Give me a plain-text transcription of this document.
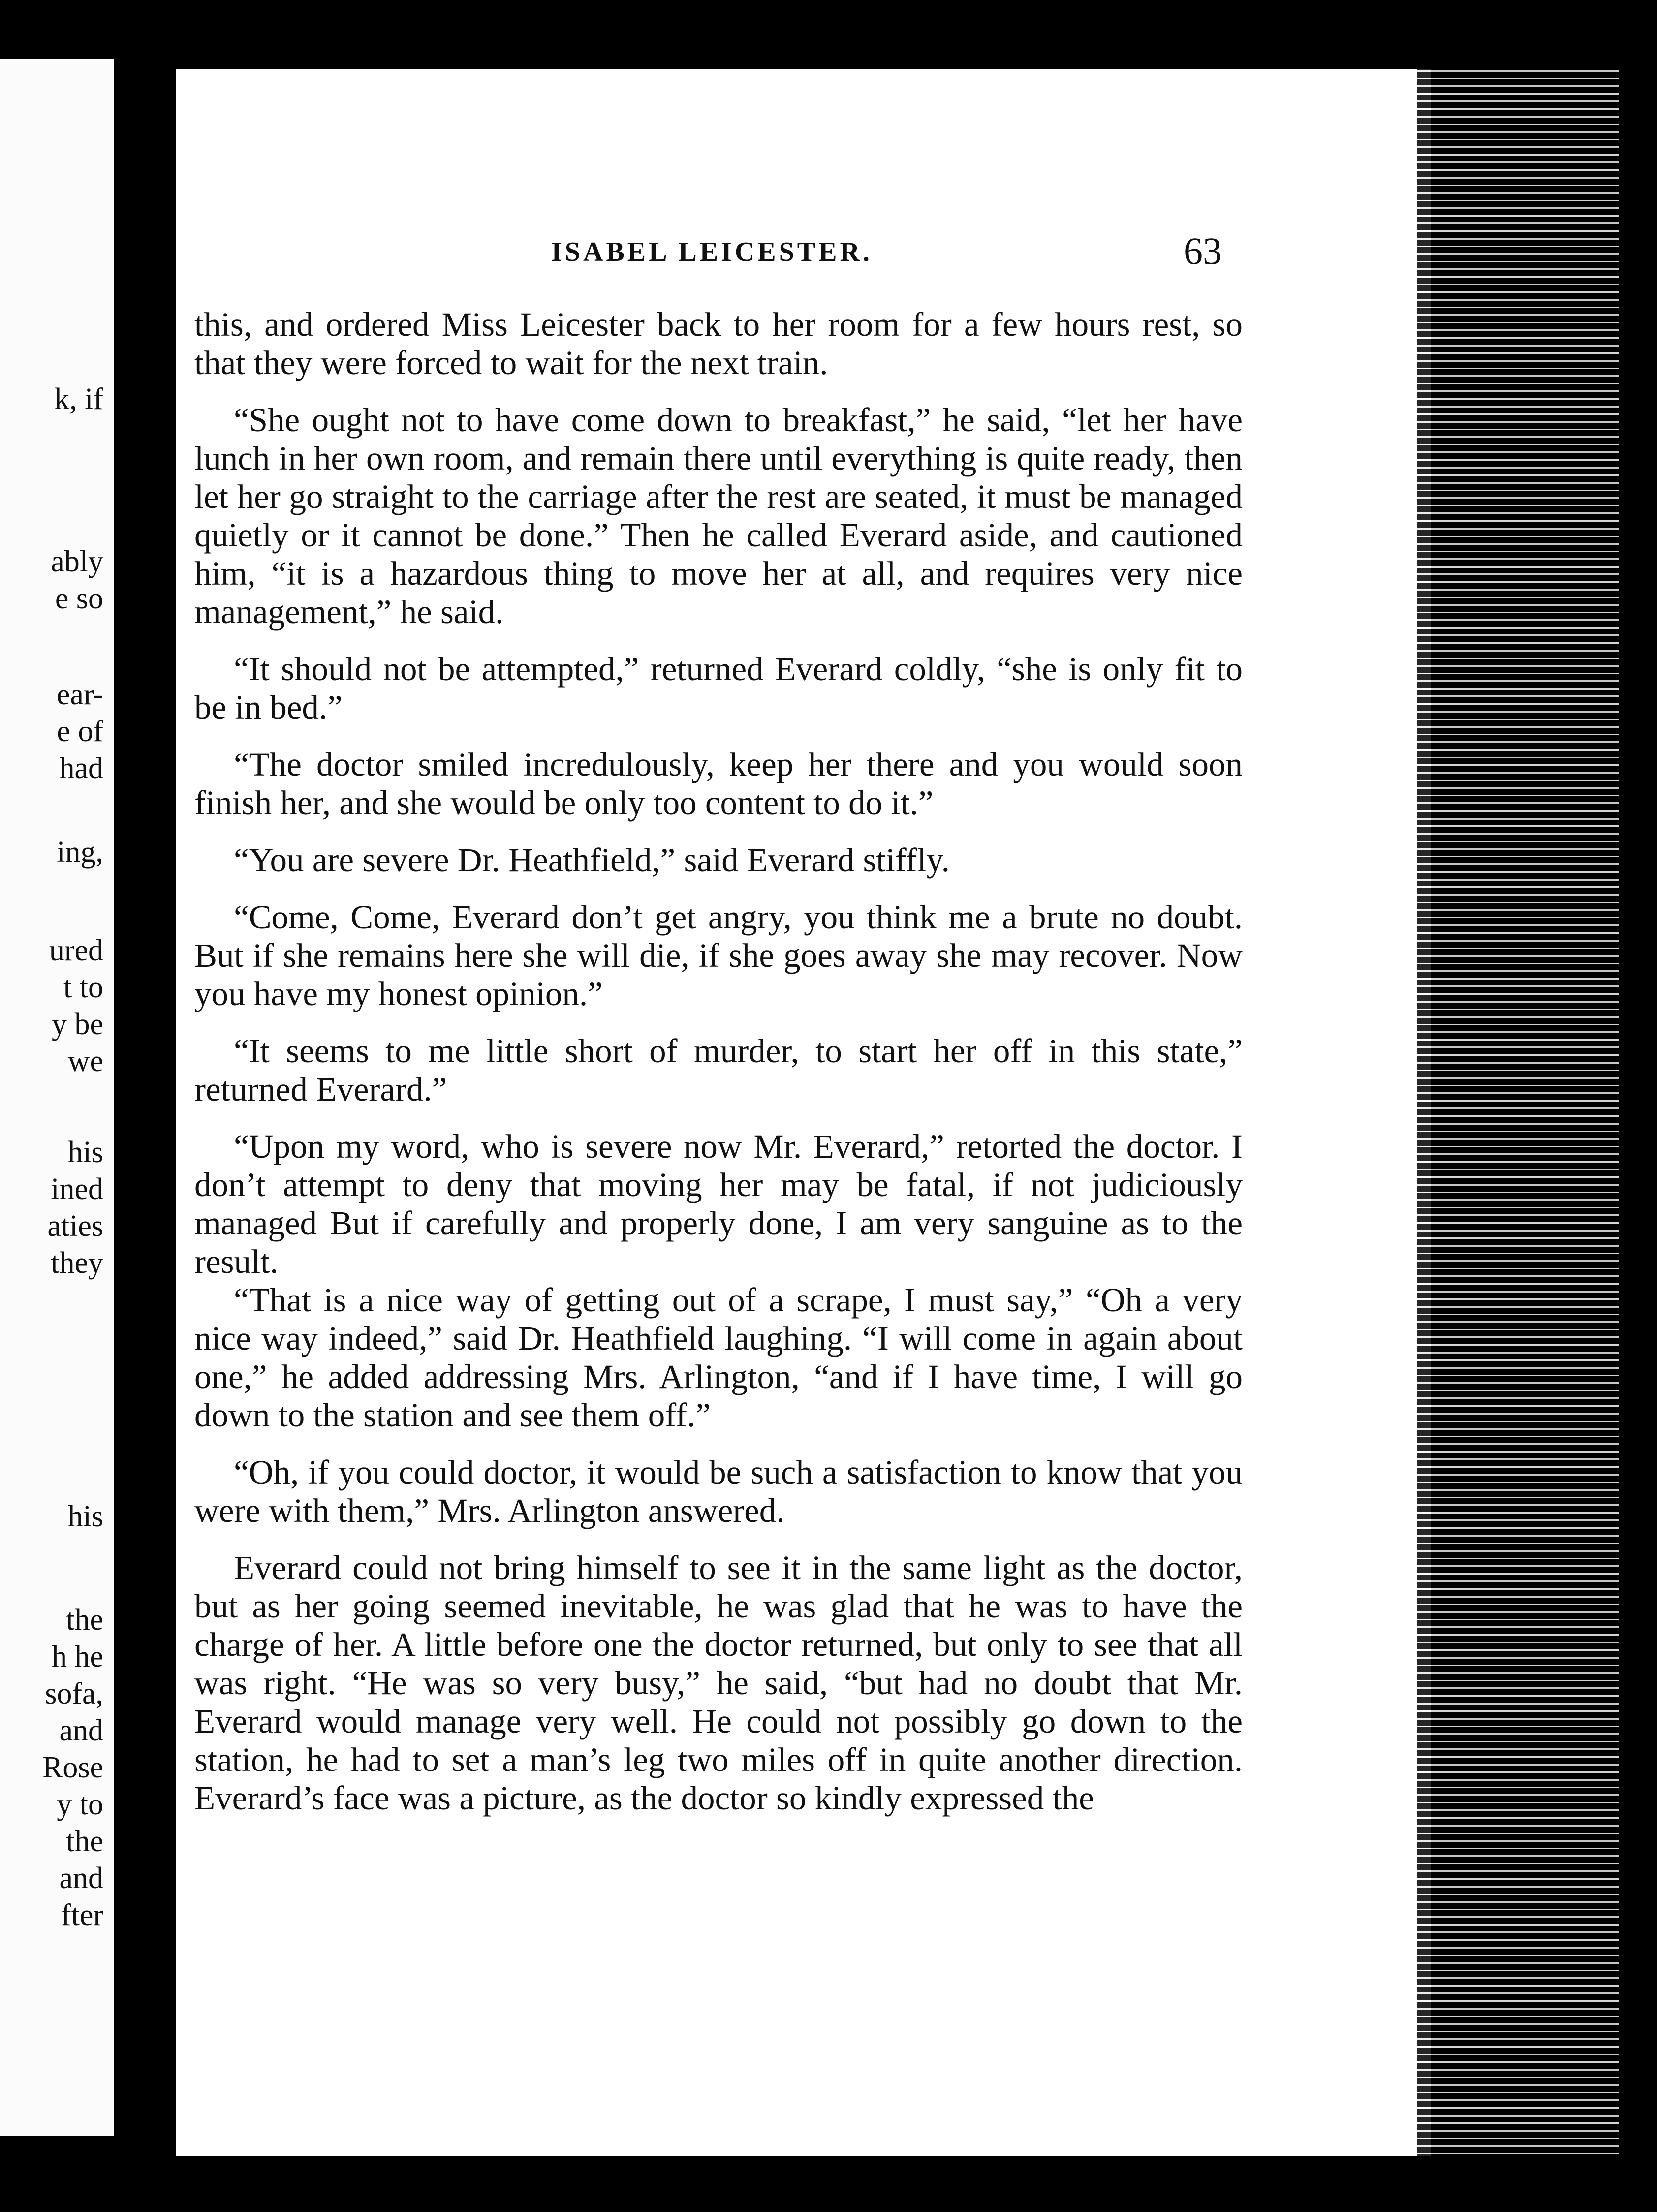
k, if
ably
e so
ear-
e of
had
ing,
ured
t to
y be
we
his
ined
aties
they
his
the
h he
sofa,
and
Rose
y to
the
and
fter
ISABEL LEICESTER.	63

this, and ordered Miss Leicester back to her room for a few hours rest, so that they were forced to wait for the next train.

“She ought not to have come down to breakfast,” he said, “let her have lunch in her own room, and remain there until everything is quite ready, then let her go straight to the carriage after the rest are seated, it must be managed quietly or it cannot be done.” Then he called Everard aside, and cautioned him, “it is a hazardous thing to move her at all, and requires very nice management,” he said.

“It should not be attempted,” returned Everard coldly, “she is only fit to be in bed.”

“The doctor smiled incredulously, keep her there and you would soon finish her, and she would be only too content to do it.”

“You are severe Dr. Heathfield,” said Everard stiffly.

“Come, Come, Everard don’t get angry, you think me a brute no doubt. But if she remains here she will die, if she goes away she may recover. Now you have my honest opinion.”

“It seems to me little short of murder, to start her off in this state,” returned Everard.”

“Upon my word, who is severe now Mr. Everard,” retorted the doctor. I don’t attempt to deny that moving her may be fatal, if not judiciously managed But if carefully and properly done, I am very sanguine as to the result.

“That is a nice way of getting out of a scrape, I must say,” “Oh a very nice way indeed,” said Dr. Heathfield laughing. “I will come in again about one,” he added addressing Mrs. Arlington, “and if I have time, I will go down to the station and see them off.”

“Oh, if you could doctor, it would be such a satisfaction to know that you were with them,” Mrs. Arlington answered.

Everard could not bring himself to see it in the same light as the doctor, but as her going seemed inevitable, he was glad that he was to have the charge of her. A little before one the doctor returned, but only to see that all was right. “He was so very busy,” he said, “but had no doubt that Mr. Everard would manage very well. He could not possibly go down to the station, he had to set a man’s leg two miles off in quite another direction. Everard’s face was a picture, as the doctor so kindly expressed the
